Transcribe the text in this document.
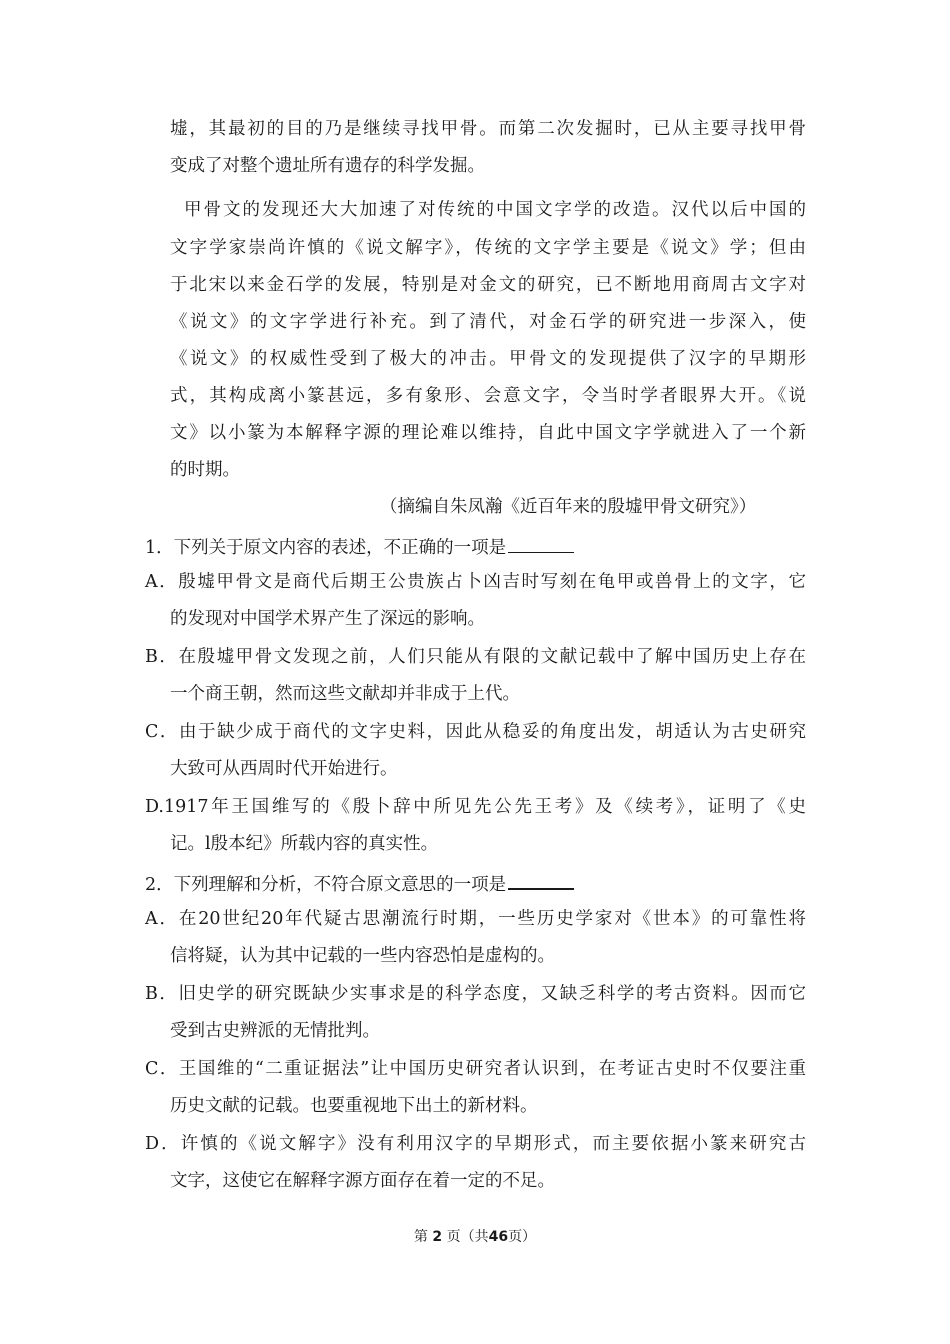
墟，其最初的目的乃是继续寻找甲骨。而第二次发掘时，已从主要寻找甲骨

变成了对整个遗址所有遗存的科学发掘。

甲骨文的发现还大大加速了对传统的中国文字学的改造。汉代以后中国的

文字学家崇尚许慎的《说文解字》，传统的文字学主要是《说文》学；但由

于北宋以来金石学的发展，特别是对金文的研究，已不断地用商周古文字对

《说文》的文字学进行补充。到了清代，对金石学的研究进一步深入，使

《说文》的权威性受到了极大的冲击。甲骨文的发现提供了汉字的早期形

式，其构成离小篆甚远，多有象形、会意文字，令当时学者眼界大开。《说

文》以小篆为本解释字源的理论难以维持，自此中国文字学就进入了一个新

的时期。

（摘编自朱凤瀚《近百年来的殷墟甲骨文研究》）

1．下列关于原文内容的表述，不正确的一项是

A．殷墟甲骨文是商代后期王公贵族占卜凶吉时写刻在龟甲或兽骨上的文字，它

的发现对中国学术界产生了深远的影响。

B．在殷墟甲骨文发现之前，人们只能从有限的文献记载中了解中国历史上存在

一个商王朝，然而这些文献却并非成于上代。

C．由于缺少成于商代的文字史料，因此从稳妥的角度出发，胡适认为古史研究

大致可从西周时代开始进行。

D.1917年王国维写的《殷卜辞中所见先公先王考》及《续考》，证明了《史

记。l殷本纪》所载内容的真实性。

2．下列理解和分析，不符合原文意思的一项是

A．在20世纪20年代疑古思潮流行时期，一些历史学家对《世本》的可靠性将

信将疑，认为其中记载的一些内容恐怕是虚构的。

B．旧史学的研究既缺少实事求是的科学态度，又缺乏科学的考古资料。因而它

受到古史辨派的无情批判。

C．王国维的“二重证据法”让中国历史研究者认识到，在考证古史时不仅要注重

历史文献的记载。也要重视地下出土的新材料。

D．许慎的《说文解字》没有利用汉字的早期形式，而主要依据小篆来研究古

文字，这使它在解释字源方面存在着一定的不足。

第 2 页（共46页）
